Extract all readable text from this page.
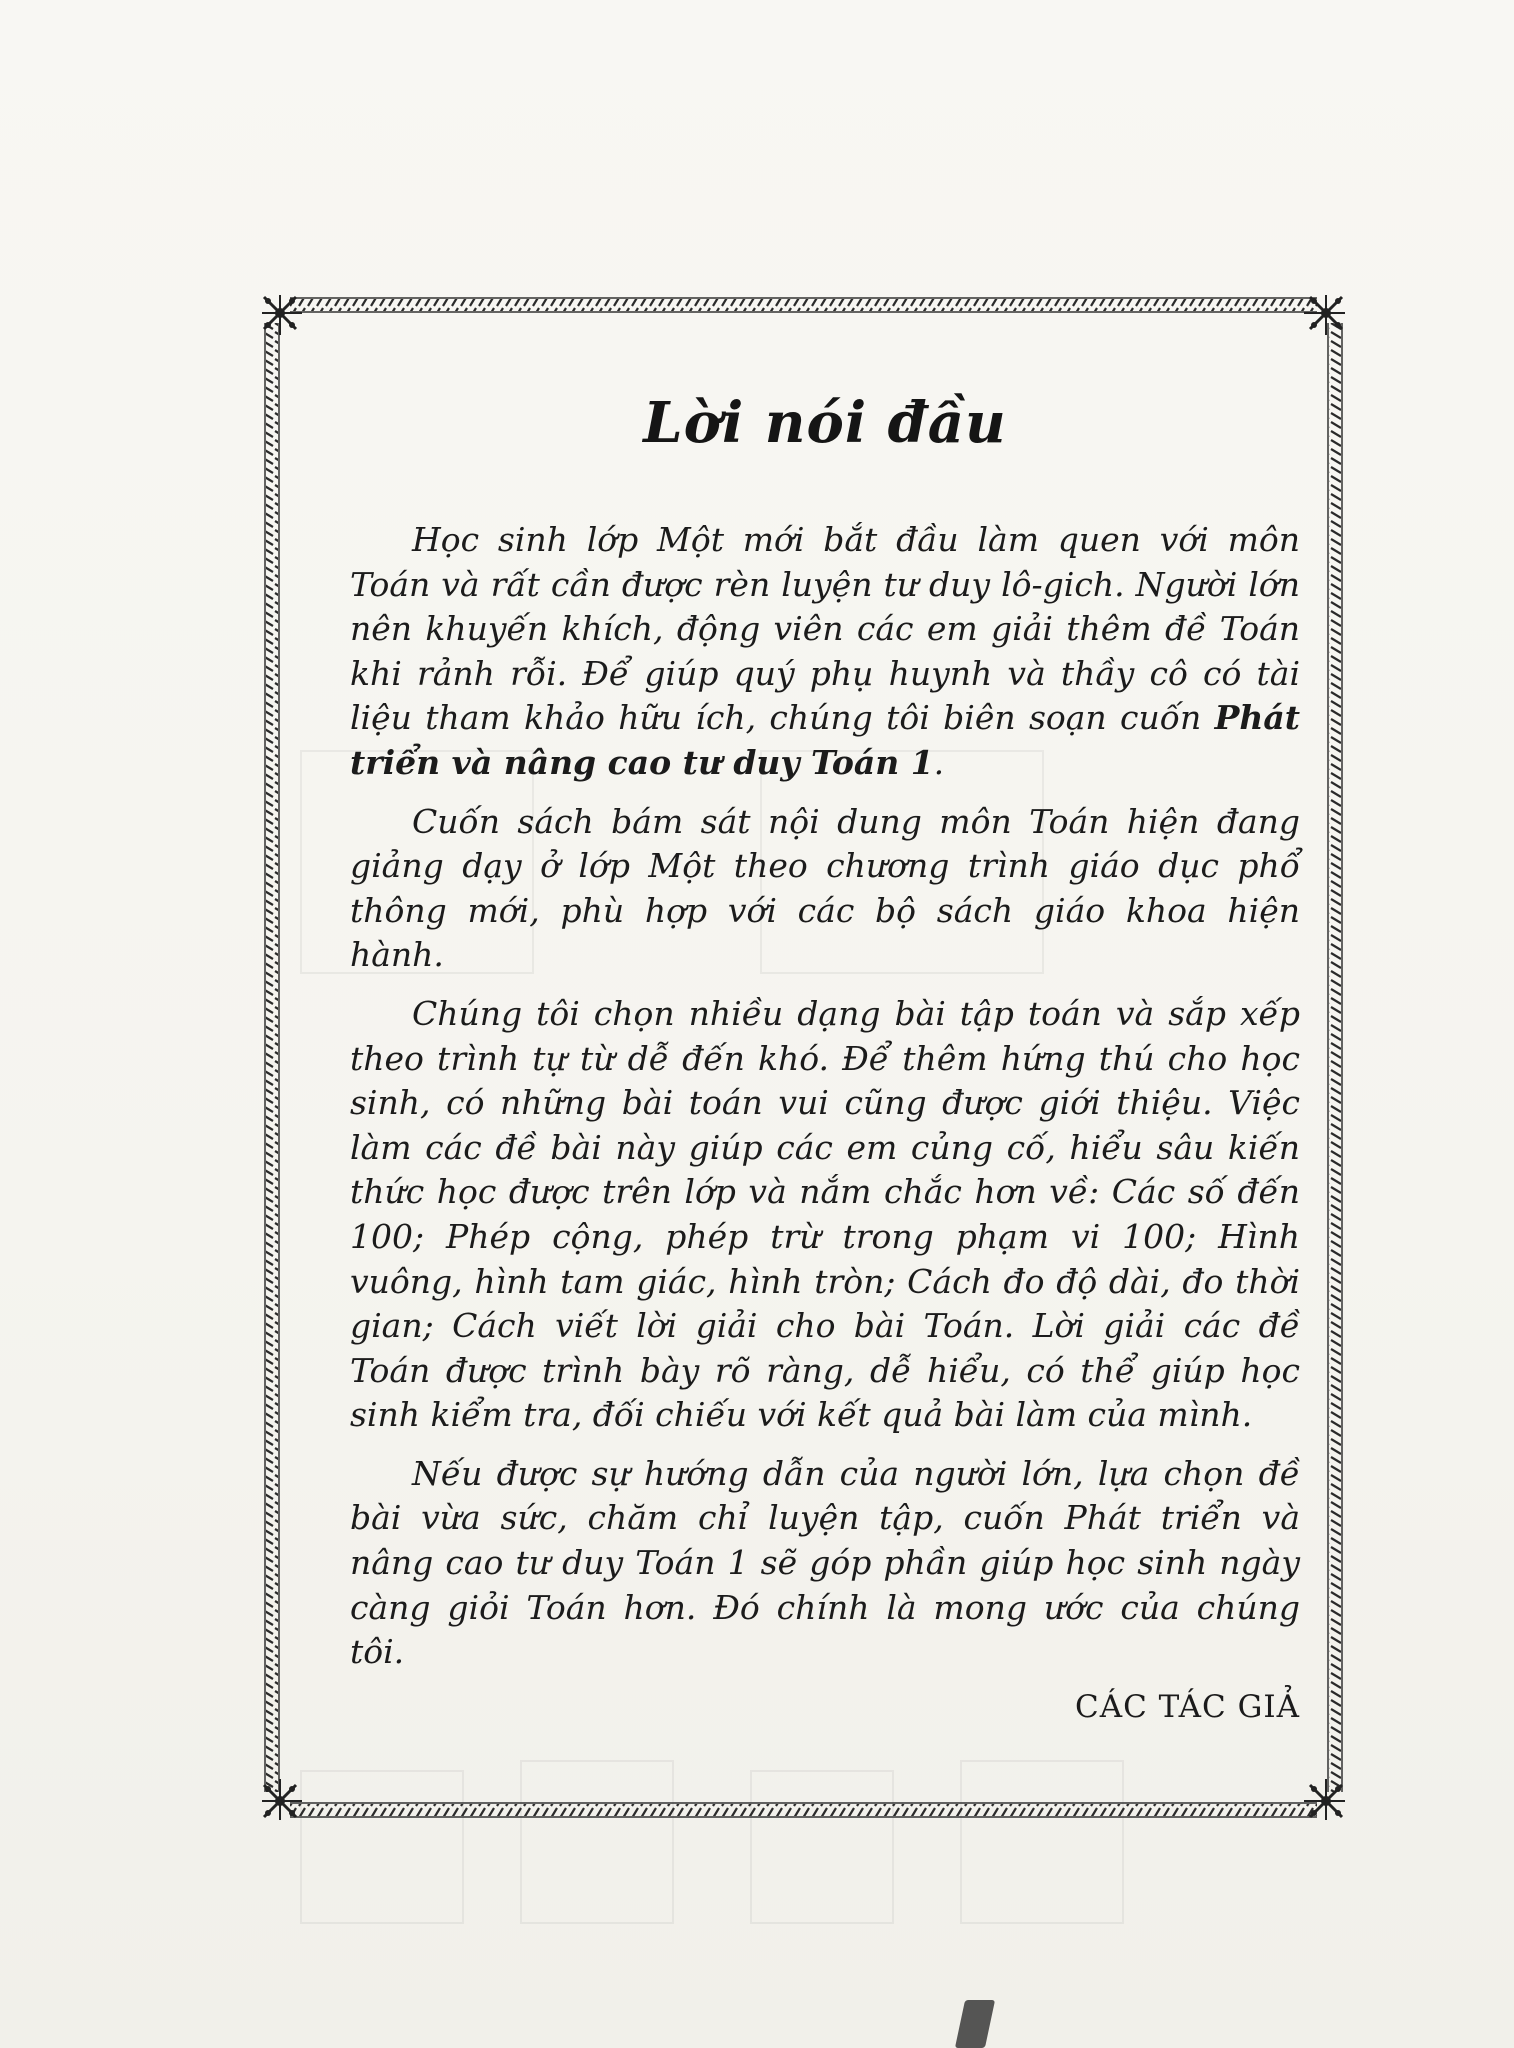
Lời nói đầu

Học sinh lớp Một mới bắt đầu làm quen với môn Toán và rất cần được rèn luyện tư duy lô-gich. Người lớn nên khuyến khích, động viên các em giải thêm đề Toán khi rảnh rỗi. Để giúp quý phụ huynh và thầy cô có tài liệu tham khảo hữu ích, chúng tôi biên soạn cuốn Phát triển và nâng cao tư duy Toán 1.

Cuốn sách bám sát nội dung môn Toán hiện đang giảng dạy ở lớp Một theo chương trình giáo dục phổ thông mới, phù hợp với các bộ sách giáo khoa hiện hành.

Chúng tôi chọn nhiều dạng bài tập toán và sắp xếp theo trình tự từ dễ đến khó. Để thêm hứng thú cho học sinh, có những bài toán vui cũng được giới thiệu. Việc làm các đề bài này giúp các em củng cố, hiểu sâu kiến thức học được trên lớp và nắm chắc hơn về: Các số đến 100; Phép cộng, phép trừ trong phạm vi 100; Hình vuông, hình tam giác, hình tròn; Cách đo độ dài, đo thời gian; Cách viết lời giải cho bài Toán. Lời giải các đề Toán được trình bày rõ ràng, dễ hiểu, có thể giúp học sinh kiểm tra, đối chiếu với kết quả bài làm của mình.

Nếu được sự hướng dẫn của người lớn, lựa chọn đề bài vừa sức, chăm chỉ luyện tập, cuốn Phát triển và nâng cao tư duy Toán 1 sẽ góp phần giúp học sinh ngày càng giỏi Toán hơn. Đó chính là mong ước của chúng tôi.

CÁC TÁC GIẢ
